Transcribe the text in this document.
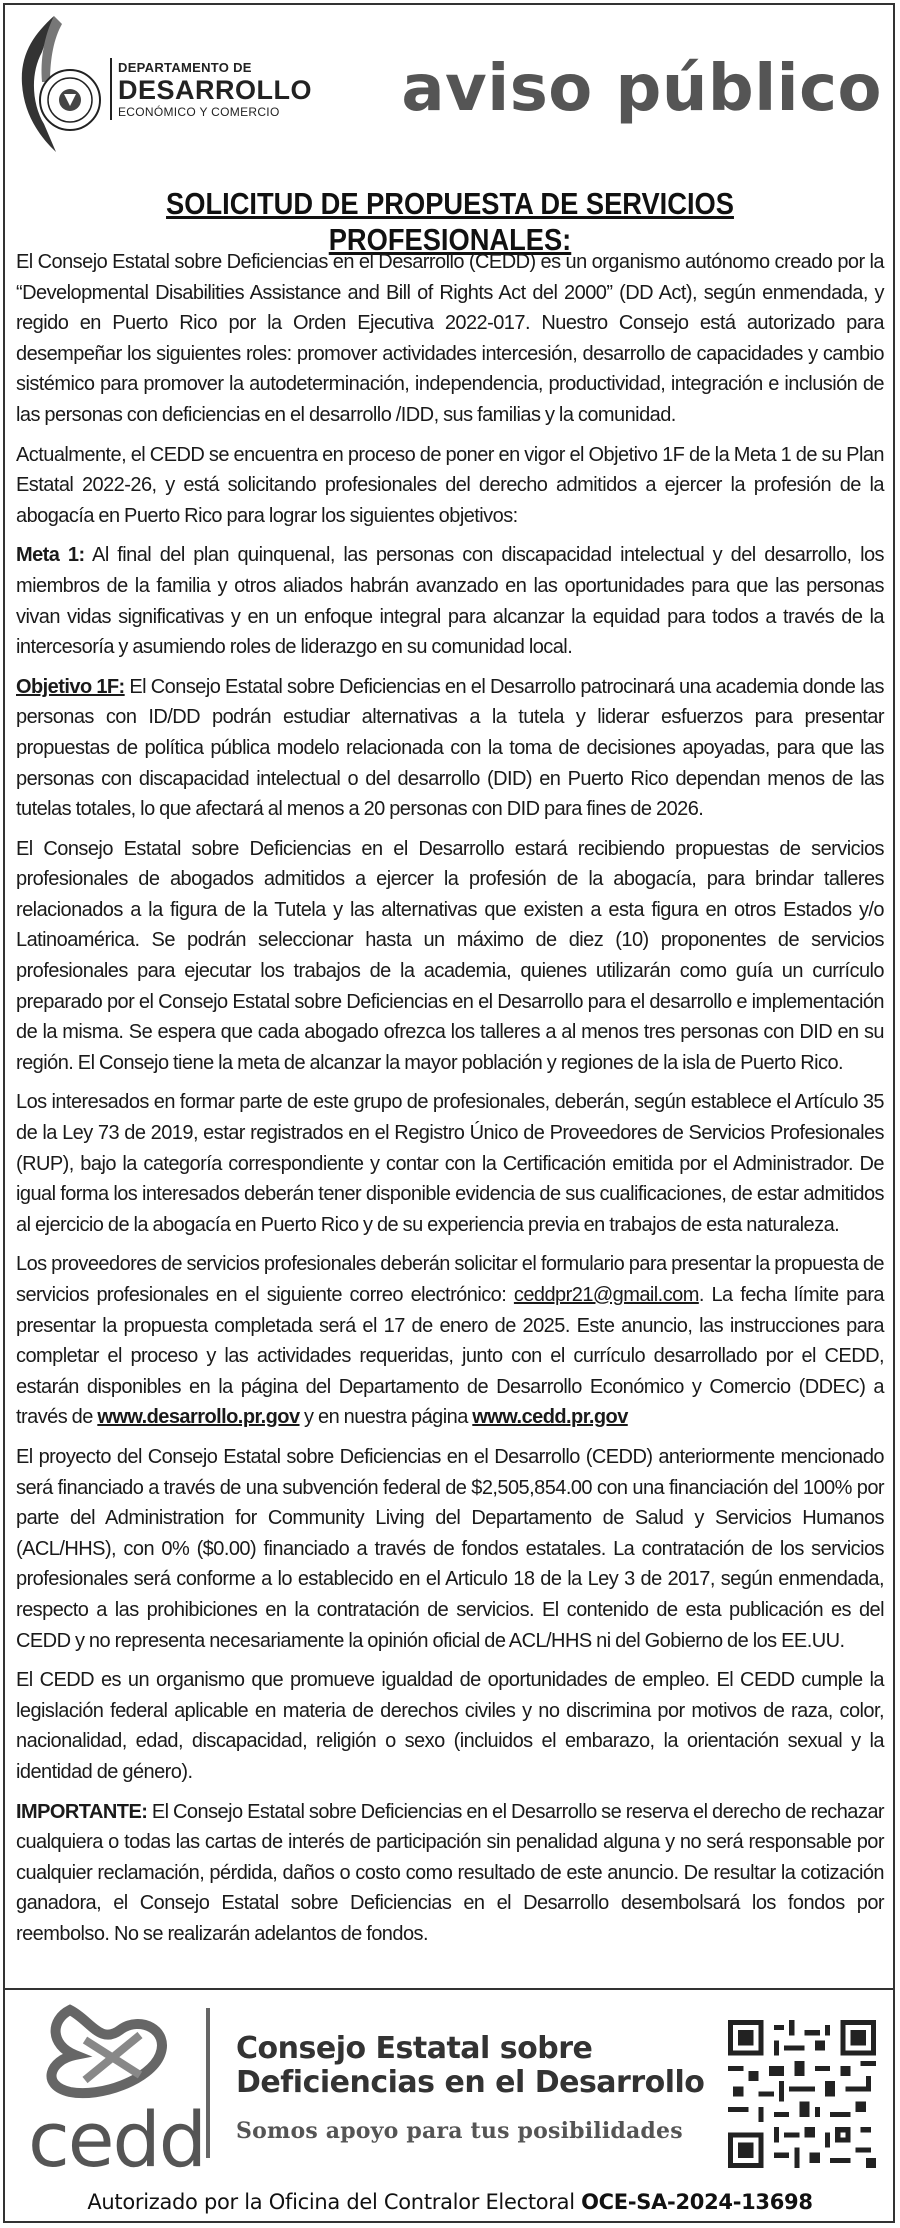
DEPARTAMENTO DE
DESARROLLO
ECONÓMICO Y COMERCIO	aviso público
SOLICITUD DE PROPUESTA DE SERVICIOS PROFESIONALES:

El Consejo Estatal sobre Deficiencias en el Desarrollo (CEDD) es un organismo autónomo creado por la “Developmental Disabilities Assistance and Bill of Rights Act del 2000” (DD Act), según enmendada, y regido en Puerto Rico por la Orden Ejecutiva 2022-017. Nuestro Consejo está autorizado para desempeñar los siguientes roles: promover actividades intercesión, desarrollo de capacidades y cambio sistémico para promover la autodeterminación, independencia, productividad, integración e inclusión de las personas con deficiencias en el desarrollo /IDD, sus familias y la comunidad.

Actualmente, el CEDD se encuentra en proceso de poner en vigor el Objetivo 1F de la Meta 1 de su Plan Estatal 2022-26, y está solicitando profesionales del derecho admitidos a ejercer la profesión de la abogacía en Puerto Rico para lograr los siguientes objetivos:

Meta 1: Al final del plan quinquenal, las personas con discapacidad intelectual y del desarrollo, los miembros de la familia y otros aliados habrán avanzado en las oportunidades para que las personas vivan vidas significativas y en un enfoque integral para alcanzar la equidad para todos a través de la intercesoría y asumiendo roles de liderazgo en su comunidad local.

Objetivo 1F: El Consejo Estatal sobre Deficiencias en el Desarrollo patrocinará una academia donde las personas con ID/DD podrán estudiar alternativas a la tutela y liderar esfuerzos para presentar propuestas de política pública modelo relacionada con la toma de decisiones apoyadas, para que las personas con discapacidad intelectual o del desarrollo (DID) en Puerto Rico dependan menos de las tutelas totales, lo que afectará al menos a 20 personas con DID para fines de 2026.

El Consejo Estatal sobre Deficiencias en el Desarrollo estará recibiendo propuestas de servicios profesionales de abogados admitidos a ejercer la profesión de la abogacía, para brindar talleres relacionados a la figura de la Tutela y las alternativas que existen a esta figura en otros Estados y/o Latinoamérica. Se podrán seleccionar hasta un máximo de diez (10) proponentes de servicios profesionales para ejecutar los trabajos de la academia, quienes utilizarán como guía un currículo preparado por el Consejo Estatal sobre Deficiencias en el Desarrollo para el desarrollo e implementación de la misma. Se espera que cada abogado ofrezca los talleres a al menos tres personas con DID en su región. El Consejo tiene la meta de alcanzar la mayor población y regiones de la isla de Puerto Rico.

Los interesados en formar parte de este grupo de profesionales, deberán, según establece el Artículo 35 de la Ley 73 de 2019, estar registrados en el Registro Único de Proveedores de Servicios Profesionales (RUP), bajo la categoría correspondiente y contar con la Certificación emitida por el Administrador. De igual forma los interesados deberán tener disponible evidencia de sus cualificaciones, de estar admitidos al ejercicio de la abogacía en Puerto Rico y de su experiencia previa en trabajos de esta naturaleza.

Los proveedores de servicios profesionales deberán solicitar el formulario para presentar la propuesta de servicios profesionales en el siguiente correo electrónico: ceddpr21@gmail.com. La fecha límite para presentar la propuesta completada será el 17 de enero de 2025. Este anuncio, las instrucciones para completar el proceso y las actividades requeridas, junto con el currículo desarrollado por el CEDD, estarán disponibles en la página del Departamento de Desarrollo Económico y Comercio (DDEC) a través de www.desarrollo.pr.gov y en nuestra página www.cedd.pr.gov

El proyecto del Consejo Estatal sobre Deficiencias en el Desarrollo (CEDD) anteriormente mencionado será financiado a través de una subvención federal de $2,505,854.00 con una financiación del 100% por parte del Administration for Community Living del Departamento de Salud y Servicios Humanos (ACL/HHS), con 0% ($0.00) financiado a través de fondos estatales. La contratación de los servicios profesionales será conforme a lo establecido en el Articulo 18 de la Ley 3 de 2017, según enmendada, respecto a las prohibiciones en la contratación de servicios. El contenido de esta publicación es del CEDD y no representa necesariamente la opinión oficial de ACL/HHS ni del Gobierno de los EE.UU.

El CEDD es un organismo que promueve igualdad de oportunidades de empleo. El CEDD cumple la legislación federal aplicable en materia de derechos civiles y no discrimina por motivos de raza, color, nacionalidad, edad, discapacidad, religión o sexo (incluidos el embarazo, la orientación sexual y la identidad de género).

IMPORTANTE: El Consejo Estatal sobre Deficiencias en el Desarrollo se reserva el derecho de rechazar cualquiera o todas las cartas de interés de participación sin penalidad alguna y no será responsable por cualquier reclamación, pérdida, daños o costo como resultado de este anuncio. De resultar la cotización ganadora, el Consejo Estatal sobre Deficiencias en el Desarrollo desembolsará los fondos por reembolso. No se realizarán adelantos de fondos.

cedd
Consejo Estatal sobre
Deficiencias en el Desarrollo
Somos apoyo para tus posibilidades
Autorizado por la Oficina del Contralor Electoral OCE-SA-2024-13698
